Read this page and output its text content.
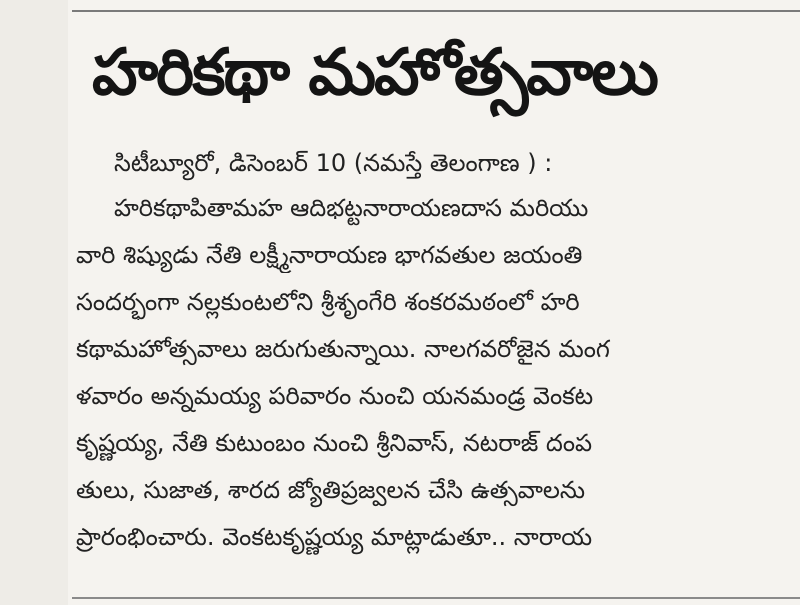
హరికథా మహోత్సవాలు
సిటీబ్యూరో, డిసెంబర్ 10 (నమస్తే తెలంగాణ ) :
హరికథాపితామహ ఆదిభట్టనారాయణదాస మరియు
వారి శిష్యుడు నేతి లక్ష్మీనారాయణ భాగవతుల జయంతి
సందర్భంగా నల్లకుంటలోని శ్రీశృంగేరి శంకరమఠంలో హరి
కథామహోత్సవాలు జరుగుతున్నాయి. నాలగవరోజైన మంగ
ళవారం అన్నమయ్య పరివారం నుంచి యనమండ్ర వెంకట
కృష్ణయ్య, నేతి కుటుంబం నుంచి శ్రీనివాస్, నటరాజ్ దంప
తులు, సుజాత, శారద జ్యోతిప్రజ్వలన చేసి ఉత్సవాలను
ప్రారంభించారు. వెంకటకృష్ణయ్య మాట్లాడుతూ.. నారాయ
